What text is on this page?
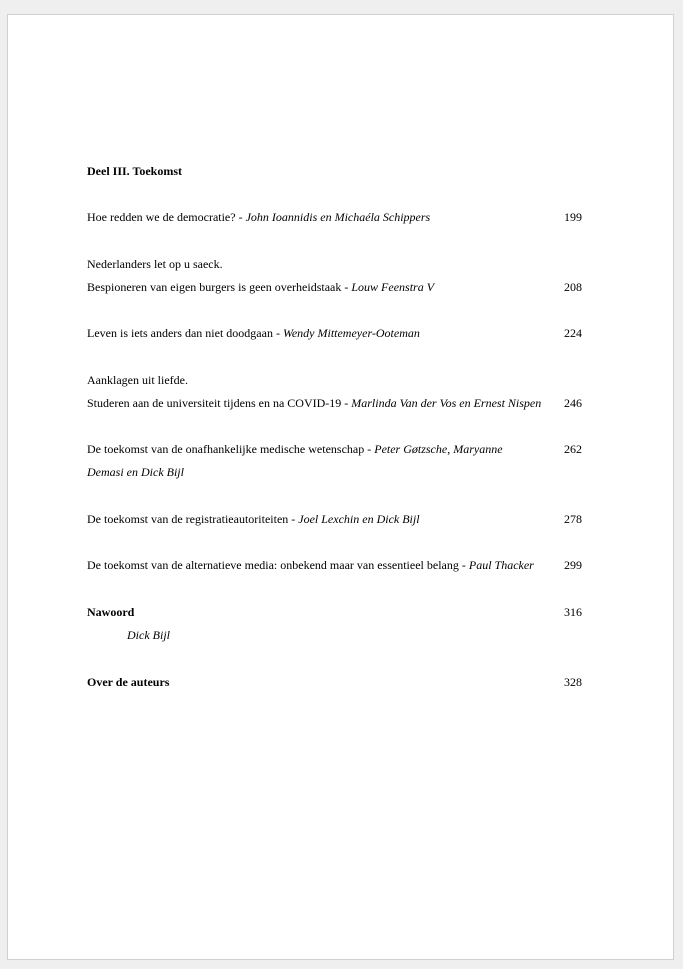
Deel III. Toekomst
Hoe redden we de democratie? - John Ioannidis en Michaéla Schippers	199
Nederlanders let op u saeck.
Bespioneren van eigen burgers is geen overheidstaak - Louw Feenstra V	208
Leven is iets anders dan niet doodgaan - Wendy Mittemeyer-Ooteman	224
Aanklagen uit liefde.
Studeren aan de universiteit tijdens en na COVID-19 - Marlinda Van der Vos en Ernest Nispen 246
De toekomst van de onafhankelijke medische wetenschap - Peter Gøtzsche, Maryanne	262
Demasi en Dick Bijl
De toekomst van de registratieautoriteiten - Joel Lexchin en Dick Bijl	278
De toekomst van de alternatieve media: onbekend maar van essentieel belang - Paul Thacker	299
Nawoord	316
Dick Bijl
Over de auteurs	328
